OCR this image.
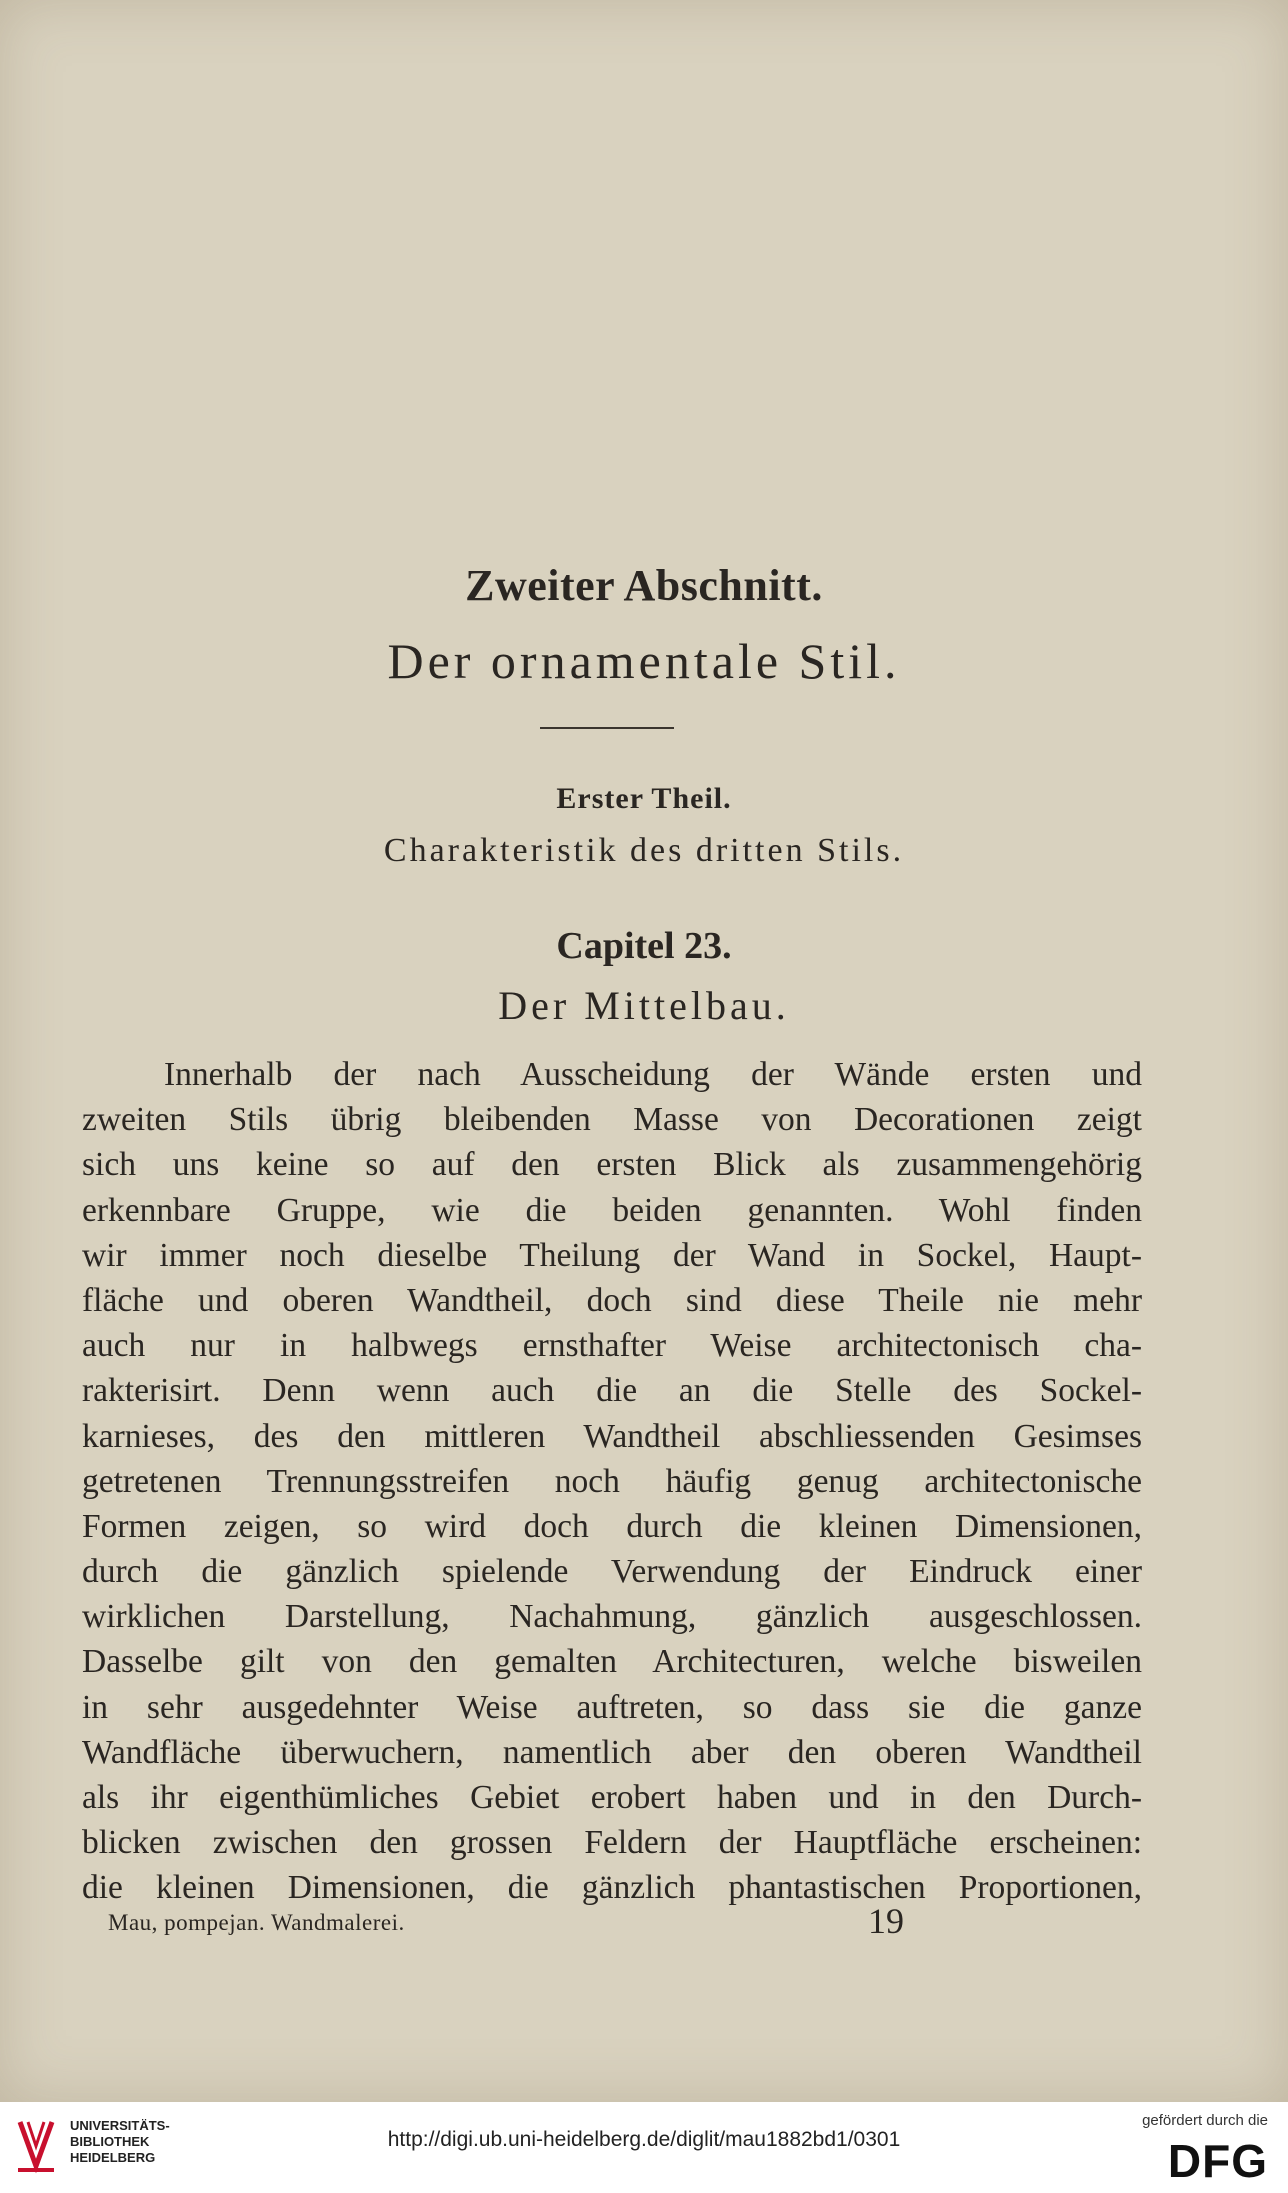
Zweiter Abschnitt.
Der ornamentale Stil.
Erster Theil.
Charakteristik des dritten Stils.
Capitel 23.
Der Mittelbau.
Innerhalb der nach Ausscheidung der Wände ersten und
zweiten Stils übrig bleibenden Masse von Decorationen zeigt
sich uns keine so auf den ersten Blick als zusammengehörig
erkennbare Gruppe, wie die beiden genannten. Wohl finden
wir immer noch dieselbe Theilung der Wand in Sockel, Haupt-
fläche und oberen Wandtheil, doch sind diese Theile nie mehr
auch nur in halbwegs ernsthafter Weise architectonisch cha-
rakterisirt. Denn wenn auch die an die Stelle des Sockel-
karnieses, des den mittleren Wandtheil abschliessenden Gesimses
getretenen Trennungsstreifen noch häufig genug architectonische
Formen zeigen, so wird doch durch die kleinen Dimensionen,
durch die gänzlich spielende Verwendung der Eindruck einer
wirklichen Darstellung, Nachahmung, gänzlich ausgeschlossen.
Dasselbe gilt von den gemalten Architecturen, welche bisweilen
in sehr ausgedehnter Weise auftreten, so dass sie die ganze
Wandfläche überwuchern, namentlich aber den oberen Wandtheil
als ihr eigenthümliches Gebiet erobert haben und in den Durch-
blicken zwischen den grossen Feldern der Hauptfläche erscheinen:
die kleinen Dimensionen, die gänzlich phantastischen Proportionen,
Mau, pompejan. Wandmalerei.	19
UNIVERSITÄTS-
BIBLIOTHEK
HEIDELBERG
http://digi.ub.uni-heidelberg.de/diglit/mau1882bd1/0301
gefördert durch die
DFG
